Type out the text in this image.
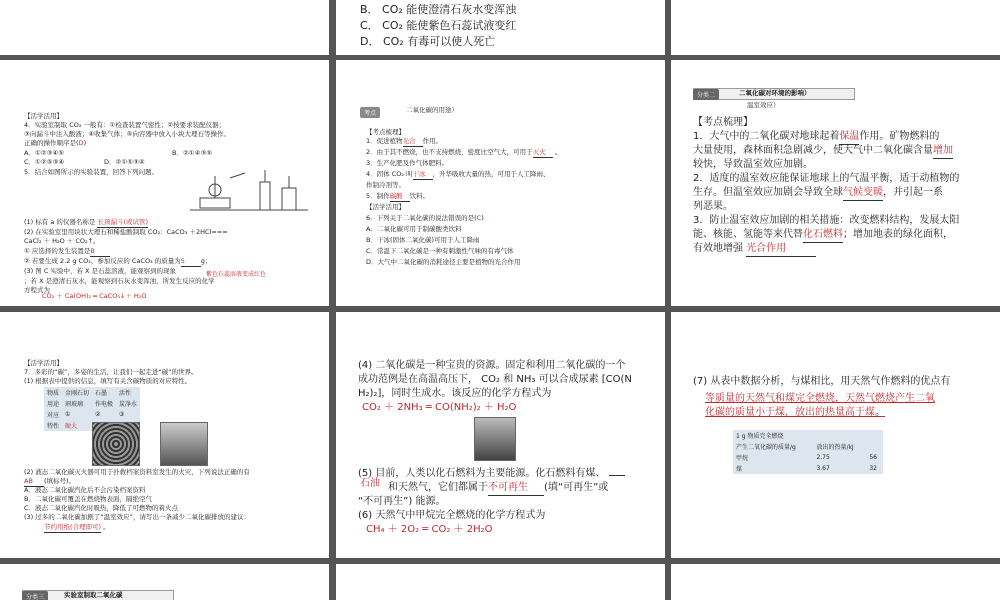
B． CO₂ 能使澄清石灰水变浑浊
C． CO₂ 能使紫色石蕊试液变红
D． CO₂ 有毒可以使人死亡
【活学活用】
4．实验室制取 CO₂ 一般有：①检查装置气密性；②按要求装配仪器；
③向漏斗中注入酸液；④收集气体；⑤向容器中放入小块大理石等操作。
正确的操作顺序是(D)
A．①②③④⑤	B．②①④③⑤
C．①②⑤③④	D．②①⑤③④
5．结合如图所示的实验装置，回答下列问题。
(1) 标有 a 的仪器名称是 长颈漏斗(或试管)
(2) 在实验室里用块状大理石和稀盐酸制取 CO₂：CaCO₃ ＋2HCl===
CaCl₂ ＋ H₂O ＋ CO₂↑。
① 应选择的发生装置是B
② 若要生成 2.2 g CO₂，参加反应的 CaCO₃ 的质量为5 g；
(3) 图 C 实验中，若 X 是石蕊溶液，能观察到的现象	紫色石蕊溶液变成红色
；若 X 是澄清石灰水，能观察到石灰水变浑浊，所发生反应的化学
方程式为
CO₂ ＋ Ca(OH)₂ ═ CaCO₃↓＋ H₂O
考点	二氧化碳的用途）
【考点梳理】
1．促进植物光合 作用。
2．由于其不燃烧，也不支持燃烧，密度比空气大，可用于灭火 。
3．生产化肥及作气体肥料。
4．固体 CO₂ 叫干冰 ，升华吸收大量的热，可用于人工降雨、
作制冷剂等。
5．制作碳酸 饮料。
【活学活用】
6．下列关于二氧化碳的说法错误的是(C)
A．二氧化碳可用于制碳酸类饮料
B．干冰(固体二氧化碳)可用于人工降雨
C．常温下二氧化碳是一种有刺激性气味的有毒气体
D．大气中二氧化碳的消耗途径主要是植物的光合作用
分类二	二氧化碳对环境的影响）
温室效应）
【考点梳理】
1．大气中的二氧化碳对地球起着保温作用。矿物燃料的
大量使用，森林面积急剧减少，使大气中二氧化碳含量增加
较快，导致温室效应加剧。
2．适度的温室效应能保证地球上的气温平衡，适于动植物的
生存。但温室效应加剧会导致全球气候变暖，并引起一系
列恶果。
3．防止温室效应加剧的相关措施：改变燃料结构，发展太阳
能、核能、氢能等来代替化石燃料；增加地表的绿化面积，
有效地增强 光合作用
【活学活用】
7．多彩的“碳”，多姿的生活，让我们一起走进“碳”的世界。
(1) 根据表中提供的信息，填写有关含碳物质的对应特性。
物质	金刚石切	石墨	活性
用途	割玻璃	作电极	炭净水
对应	①	②	③
特性	硬大		
(2) 液态二氧化碳灭火器可用于扑救档案资料室发生的火灾，下列说法正确的有
AB (填标号)。
A．液态二氧化碳汽化后不会污染档案资料
B．二氧化碳可覆盖在燃烧物表面，隔绝空气
C．液态二氧化碳汽化时吸热，降低了可燃物的着火点
(3) 过多的二氧化碳加剧了“温室效应”，请写出一条减少二氧化碳排放的建议：
节约用纸(合理即可) 。
(4) 二氧化碳是一种宝贵的资源。固定和利用二氧化碳的一个
成功范例是在高温高压下， CO₂ 和 NH₃ 可以合成尿素 [CO(N
H₂)₂]，同时生成水。该反应的化学方程式为
CO₂ ＋ 2NH₃ ═ CO(NH₂)₂ ＋ H₂O
(5) 目前，人类以化石燃料为主要能源。化石燃料有煤、
石油 和天然气，它们都属于不可再生 (填“可再生”或
“不可再生”) 能源。
(6) 天然气中甲烷完全燃烧的化学方程式为
CH₄ ＋ 2O₂ ═ CO₂ ＋ 2H₂O
(7) 从表中数据分析，与煤相比，用天然气作燃料的优点有
等质量的天然气和煤完全燃烧，天然气燃烧产生二氧
化碳的质量小于煤，放出的热量高于煤。
1 g 物质完全燃烧		
产生二氧化碳的质量/g	放出的热量/kJ	
甲烷	2.75	56
煤	3.67	32
分类三	实验室制取二氧化碳
